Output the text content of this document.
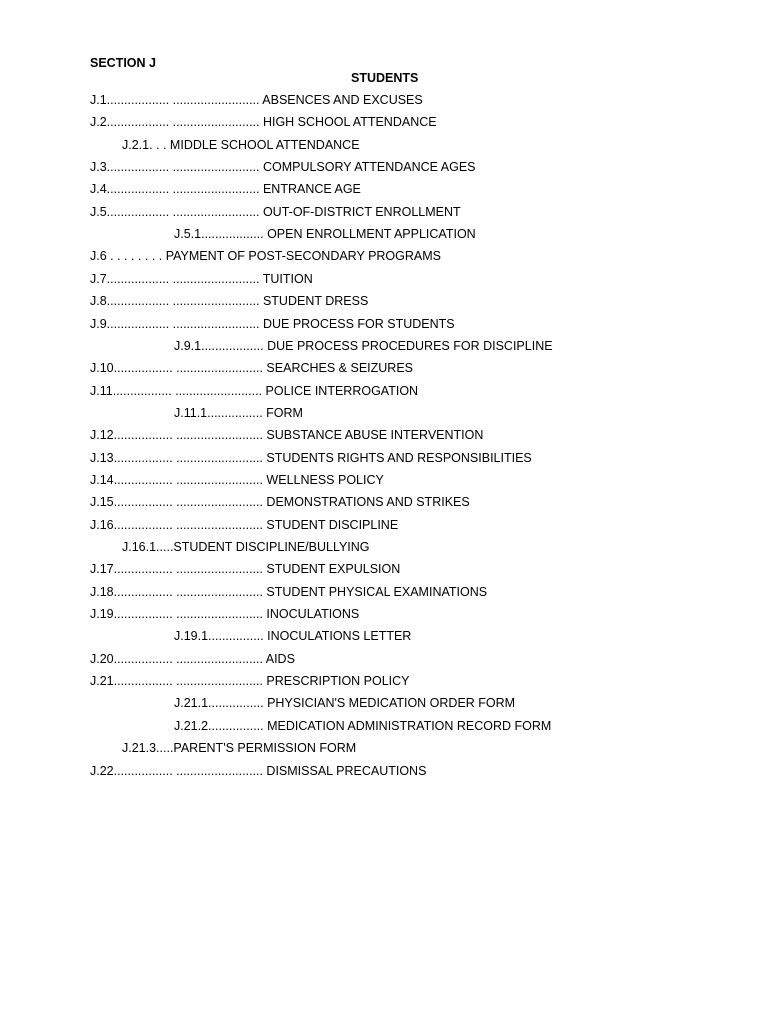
SECTION J
STUDENTS
J.1.................. ......................... ABSENCES AND EXCUSES
J.2.................. ......................... HIGH SCHOOL ATTENDANCE
J.2.1. . . MIDDLE SCHOOL ATTENDANCE
J.3.................. ......................... COMPULSORY ATTENDANCE AGES
J.4.................. ......................... ENTRANCE AGE
J.5.................. ......................... OUT-OF-DISTRICT ENROLLMENT
J.5.1.................. OPEN ENROLLMENT APPLICATION
J.6 . . . . . . . . PAYMENT OF POST-SECONDARY PROGRAMS
J.7.................. ......................... TUITION
J.8.................. ......................... STUDENT DRESS
J.9.................. ......................... DUE PROCESS FOR STUDENTS
J.9.1.................. DUE PROCESS PROCEDURES FOR DISCIPLINE
J.10................. ......................... SEARCHES & SEIZURES
J.11................. ......................... POLICE INTERROGATION
J.11.1................ FORM
J.12................. ......................... SUBSTANCE ABUSE INTERVENTION
J.13................. ......................... STUDENTS RIGHTS AND RESPONSIBILITIES
J.14................. ......................... WELLNESS POLICY
J.15................. ......................... DEMONSTRATIONS AND STRIKES
J.16................. ......................... STUDENT DISCIPLINE
J.16.1.....STUDENT DISCIPLINE/BULLYING
J.17................. ......................... STUDENT EXPULSION
J.18................. ......................... STUDENT PHYSICAL EXAMINATIONS
J.19................. ......................... INOCULATIONS
J.19.1................ INOCULATIONS LETTER
J.20................. ......................... AIDS
J.21................. ......................... PRESCRIPTION POLICY
J.21.1................ PHYSICIAN'S MEDICATION ORDER FORM
J.21.2................ MEDICATION ADMINISTRATION RECORD FORM
J.21.3.....PARENT'S PERMISSION FORM
J.22................. ......................... DISMISSAL PRECAUTIONS
